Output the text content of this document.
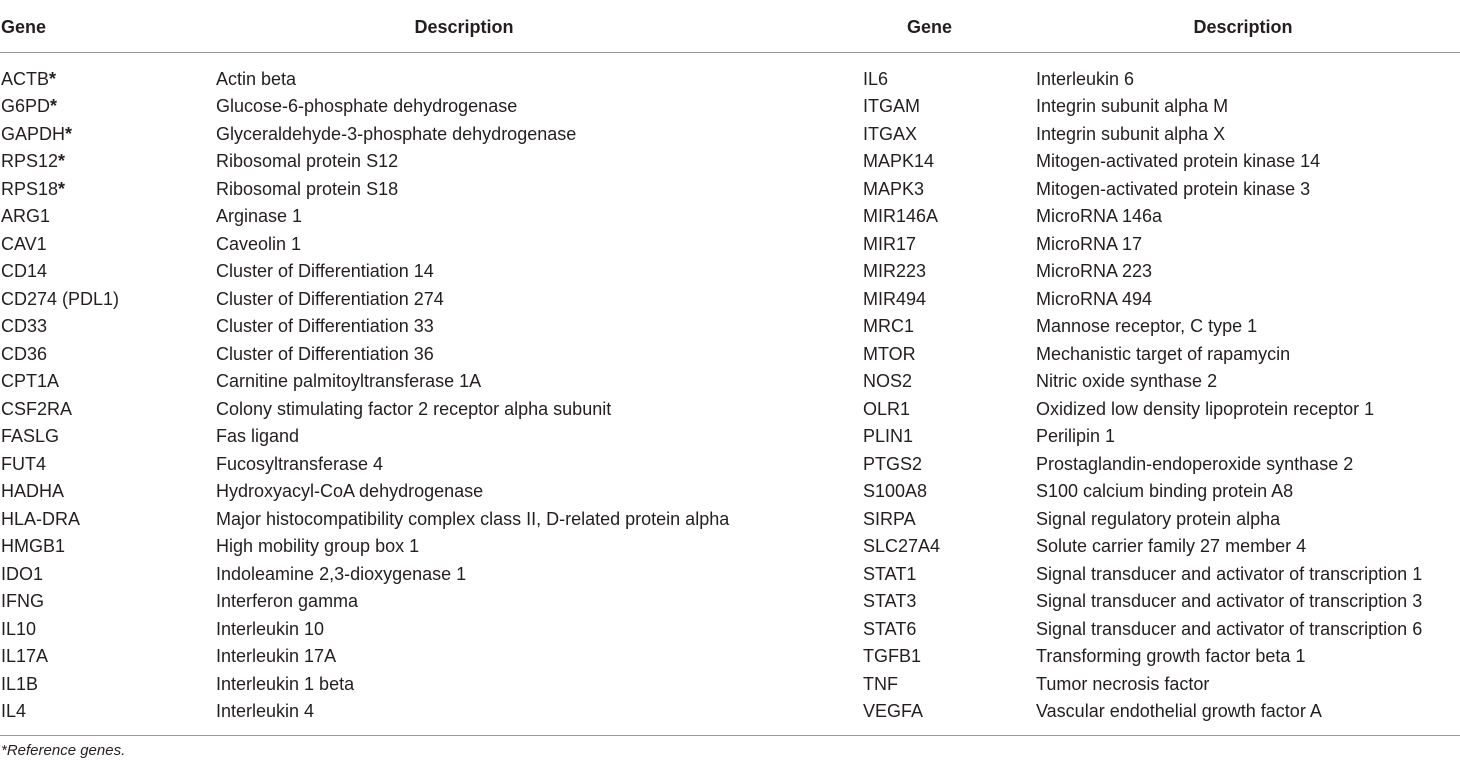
Gene	Description	Gene	Description
ACTB*	Actin beta	IL6	Interleukin 6
G6PD*	Glucose-6-phosphate dehydrogenase	ITGAM	Integrin subunit alpha M
GAPDH*	Glyceraldehyde-3-phosphate dehydrogenase	ITGAX	Integrin subunit alpha X
RPS12*	Ribosomal protein S12	MAPK14	Mitogen-activated protein kinase 14
RPS18*	Ribosomal protein S18	MAPK3	Mitogen-activated protein kinase 3
ARG1	Arginase 1	MIR146A	MicroRNA 146a
CAV1	Caveolin 1	MIR17	MicroRNA 17
CD14	Cluster of Differentiation 14	MIR223	MicroRNA 223
CD274 (PDL1)	Cluster of Differentiation 274	MIR494	MicroRNA 494
CD33	Cluster of Differentiation 33	MRC1	Mannose receptor, C type 1
CD36	Cluster of Differentiation 36	MTOR	Mechanistic target of rapamycin
CPT1A	Carnitine palmitoyltransferase 1A	NOS2	Nitric oxide synthase 2
CSF2RA	Colony stimulating factor 2 receptor alpha subunit	OLR1	Oxidized low density lipoprotein receptor 1
FASLG	Fas ligand	PLIN1	Perilipin 1
FUT4	Fucosyltransferase 4	PTGS2	Prostaglandin-endoperoxide synthase 2
HADHA	Hydroxyacyl-CoA dehydrogenase	S100A8	S100 calcium binding protein A8
HLA-DRA	Major histocompatibility complex class II, D-related protein alpha	SIRPA	Signal regulatory protein alpha
HMGB1	High mobility group box 1	SLC27A4	Solute carrier family 27 member 4
IDO1	Indoleamine 2,3-dioxygenase 1	STAT1	Signal transducer and activator of transcription 1
IFNG	Interferon gamma	STAT3	Signal transducer and activator of transcription 3
IL10	Interleukin 10	STAT6	Signal transducer and activator of transcription 6
IL17A	Interleukin 17A	TGFB1	Transforming growth factor beta 1
IL1B	Interleukin 1 beta	TNF	Tumor necrosis factor
IL4	Interleukin 4	VEGFA	Vascular endothelial growth factor A
*Reference genes.
